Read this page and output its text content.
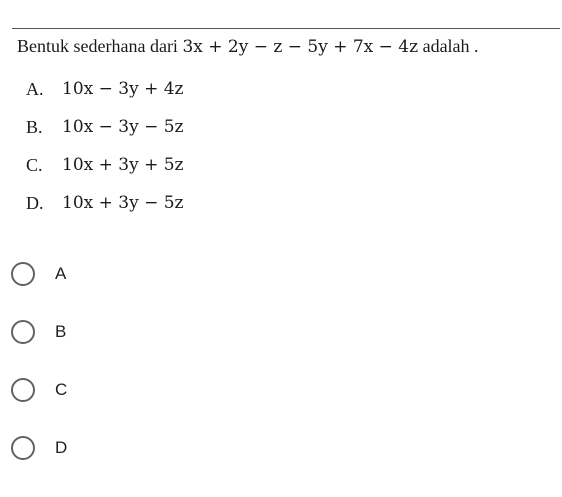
Bentuk sederhana dari 3x + 2y − z − 5y + 7x − 4z adalah .
A.	10x − 3y + 4z
B.	10x − 3y − 5z
C.	10x + 3y + 5z
D.	10x + 3y − 5z
A
B
C
D
